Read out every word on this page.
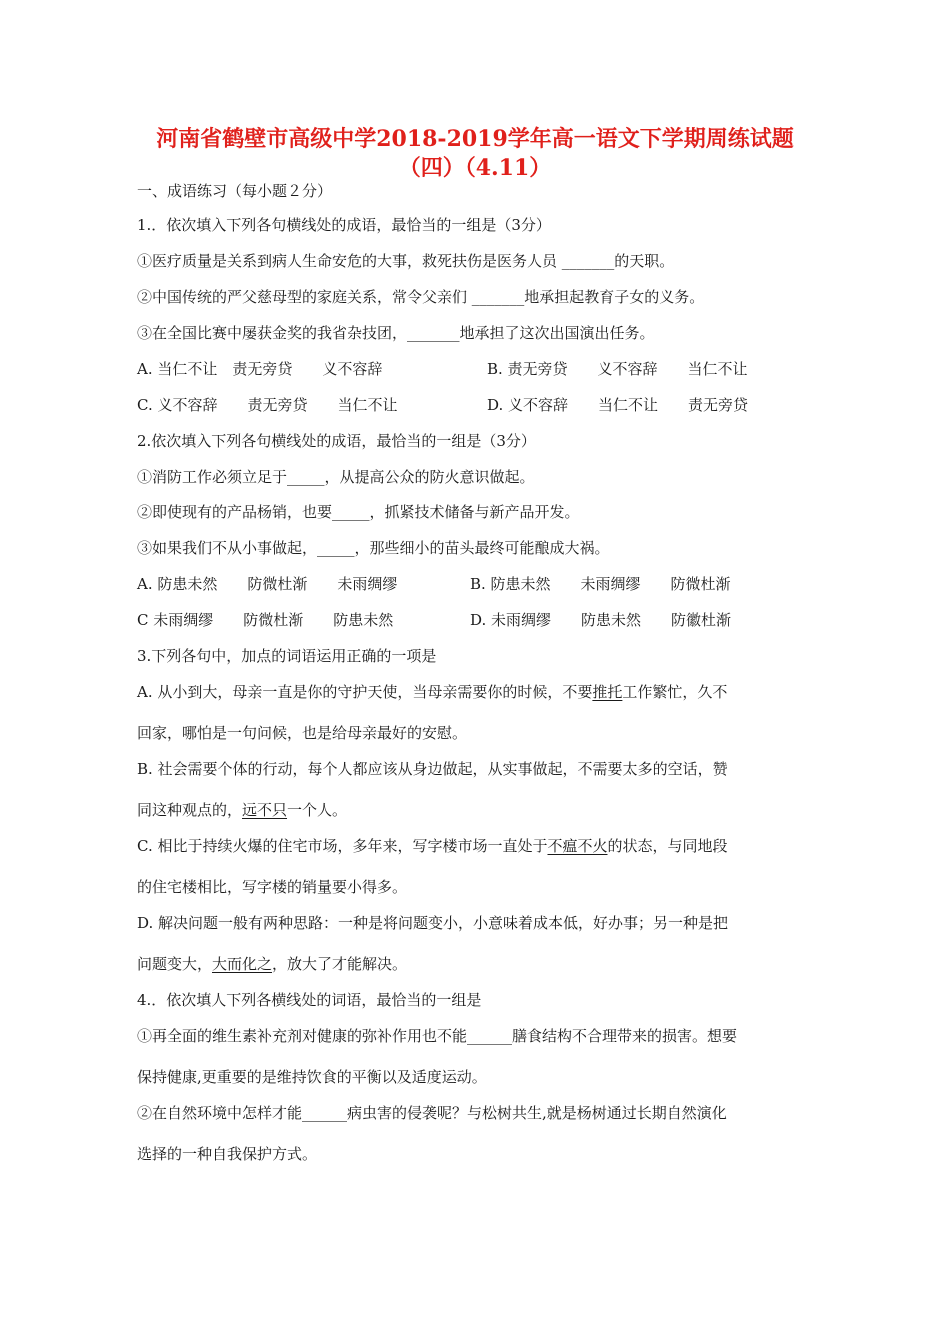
河南省鹤壁市高级中学2018-2019学年高一语文下学期周练试题
（四）（4.11）
一、成语练习（每小题２分）
1.．依次填入下列各句横线处的成语，最恰当的一组是（3分）
①医疗质量是关系到病人生命安危的大事，救死扶伤是医务人员 _______的天职。
②中国传统的严父慈母型的家庭关系，常令父亲们 _______地承担起教育子女的义务。
③在全国比赛中屡获金奖的我省杂技团，_______地承担了这次出国演出任务。
A. 当仁不让　责无旁贷　　义不容辞	B. 责无旁贷　　义不容辞　　当仁不让
C. 义不容辞　　责无旁贷　　当仁不让	D. 义不容辞　　当仁不让　　责无旁贷
2.依次填入下列各句横线处的成语，最恰当的一组是（3分）
①消防工作必须立足于_____，从提高公众的防火意识做起。
②即使现有的产品杨销，也要_____，抓紧技术储备与新产品开发。
③如果我们不从小事做起，_____，那些细小的苗头最终可能酿成大祸。
A. 防患未然　　防微杜渐　　未雨绸缪	B. 防患未然　　未雨绸缪　　防微杜渐
C 未雨绸缪　　防微杜渐　　防患未然	D. 未雨绸缪　　防患未然　　防徽杜渐
3.下列各句中，加点的词语运用正确的一项是
A. 从小到大，母亲一直是你的守护天使，当母亲需要你的时候，不要推托工作繁忙，久不
回家，哪怕是一句问候，也是给母亲最好的安慰。
B. 社会需要个体的行动，每个人都应该从身边做起，从实事做起，不需要太多的空话，赞
同这种观点的，远不只一个人。
C. 相比于持续火爆的住宅市场，多年来，写字楼市场一直处于不瘟不火的状态，与同地段
的住宅楼相比，写字楼的销量要小得多。
D. 解决问题一般有两种思路：一种是将问题变小，小意味着成本低，好办事；另一种是把
问题变大，大而化之，放大了才能解决。
4.．依次填人下列各横线处的词语，最恰当的一组是
①再全面的维生素补充剂对健康的弥补作用也不能______膳食结构不合理带来的损害。想要
保持健康,更重要的是维持饮食的平衡以及适度运动。
②在自然环境中怎样才能______病虫害的侵袭呢？与松树共生,就是杨树通过长期自然演化
选择的一种自我保护方式。
